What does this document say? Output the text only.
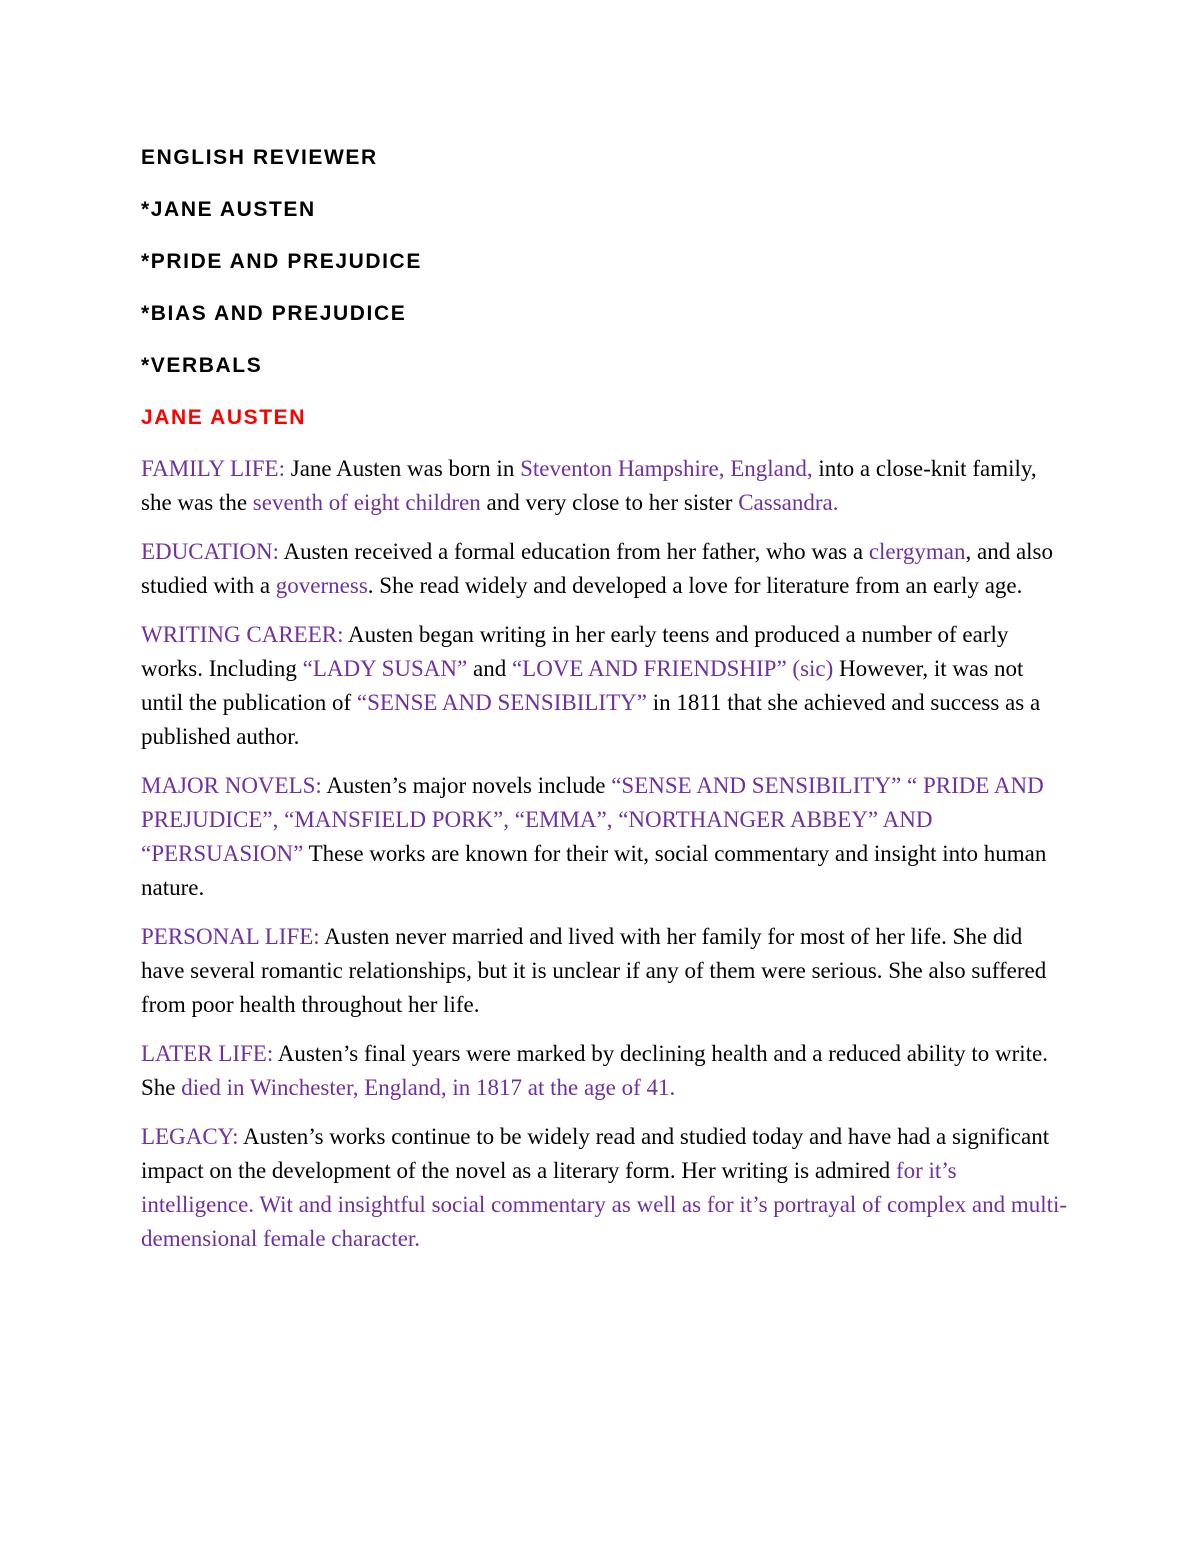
ENGLISH REVIEWER
*JANE AUSTEN
*PRIDE AND PREJUDICE
*BIAS AND PREJUDICE
*VERBALS
JANE AUSTEN

FAMILY LIFE: Jane Austen was born in Steventon Hampshire, England, into a close-knit family, she was the seventh of eight children and very close to her sister Cassandra.

EDUCATION: Austen received a formal education from her father, who was a clergyman, and also studied with a governess. She read widely and developed a love for literature from an early age.

WRITING CAREER: Austen began writing in her early teens and produced a number of early works. Including “LADY SUSAN” and “LOVE AND FRIENDSHIP” (sic) However, it was not until the publication of “SENSE AND SENSIBILITY” in 1811 that she achieved and success as a published author.

MAJOR NOVELS: Austen’s major novels include “SENSE AND SENSIBILITY” “ PRIDE AND PREJUDICE”, “MANSFIELD PORK”, “EMMA”, “NORTHANGER ABBEY” AND “PERSUASION” These works are known for their wit, social commentary and insight into human nature.

PERSONAL LIFE: Austen never married and lived with her family for most of her life. She did have several romantic relationships, but it is unclear if any of them were serious. She also suffered from poor health throughout her life.

LATER LIFE: Austen’s final years were marked by declining health and a reduced ability to write. She died in Winchester, England, in 1817 at the age of 41.

LEGACY: Austen’s works continue to be widely read and studied today and have had a significant impact on the development of the novel as a literary form. Her writing is admired for it’s intelligence. Wit and insightful social commentary as well as for it’s portrayal of complex and multi-demensional female character.
